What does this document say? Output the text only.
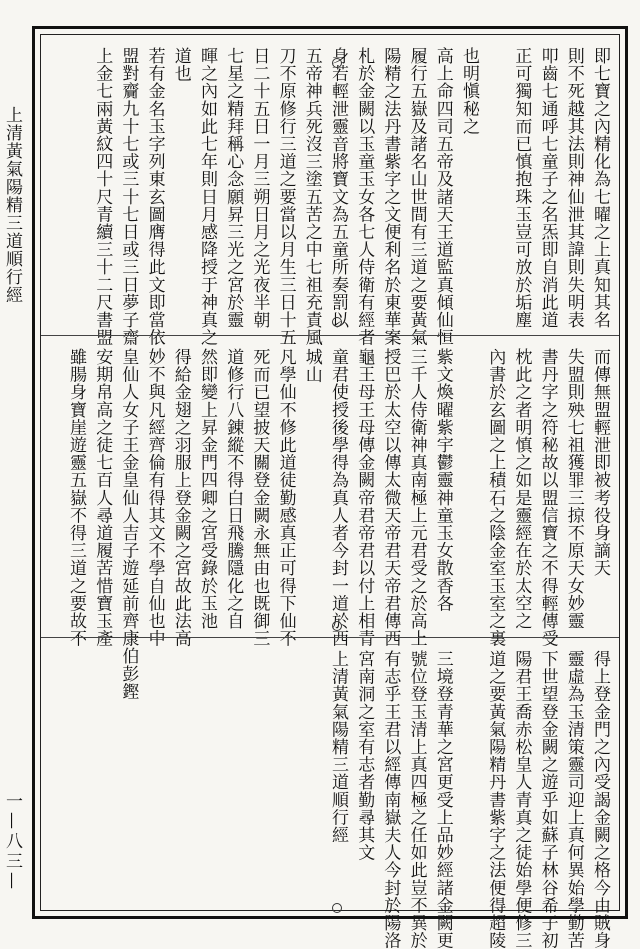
上清黃氣陽精三道順行經
一—八三—
即七寶之內精化為七曜之上真知其名
則不死越其法則神仙泄其諱則失明表
叩齒七通呼七童子之名炁即自消此道
正可獨知而已慎抱珠玉豈可放於垢塵
也明愼秘之
高上命四司五帝及諸天王道監真傾仙恒
履行五嶽及諸名山世間有三道之要黃氣
陽精之法丹書紫字之文便利名於東華案
札於金闕以玉童玉女各七人侍衛有經者
身若輕泄靈音將寶文為五童所奏罰以
五帝神兵死沒三塗五苦之中七祖充責風
刀不原修行三道之要當以月生三日十五
日二十五日一月三朔日月之光夜半朝
七星之精拜稱心念願昇三光之宮於靈
暉之內如此七年則日月感降授于神真之
道也
若有金名玉字列東玄圖膺得此文即當依
盟對齎九十七或三十七日或三日夢子齋
上金七兩黃紋四十尺青續三十二尺書盟
而傳無盟輕泄即被考役身謫天
失盟則殃七祖獲罪三掠不原天女妙靈
書丹字之符秘故以盟信寶之不得輕傳受
枕此之者明慎之如是靈經在於太空之
內書於玄圖之上積石之陰金室玉室之裏
紫文煥曜紫宇鬱靈神童玉女散香各
三千人侍衛神真南極上元君受之於高上
授巴於太空以傳太微天帝君天帝君傳西
龜王母王母傳金闕帝君帝君以付上相青
童君使授後學得為真人者今封一道於西
城山
凡學仙不修此道徒勤感真正可得下仙不
死而已望披天關登金闕永無由也既御三
道修行八錬縱不得白日飛騰隱化之自
然即變上昇金門四卿之宮受錄於玉池
得給金翅之羽服上登金闕之宮故此法高
妙不與凡經齊倫有得其文不學自仙也中
皇仙人女子王金皇仙人吉子遊延前齊康伯彭鏗
安期帛高之徒七百人尋道履苦惜寶玉產
雖腸身寶崖遊靈五嶽不得三道之要故不
得上登金門之內受謁金闕之格今由賊身
靈虛為玉清策靈司迎上真何異始學勤苦
下世望登金闕之遊乎如蘇子林谷希子初
陽君王喬赤松皇人青真之徒始學便修三
道之要黃氣陽精丹書紫字之法便得超陵
三境登青華之宮更受上品妙經諸金闕更
號位登玉清上真四極之任如此豈不異於
有志乎王君以經傳南嶽夫人今封於陽洛
宮南洞之室有志者勤尋其文
上清黃氣陽精三道順行經
